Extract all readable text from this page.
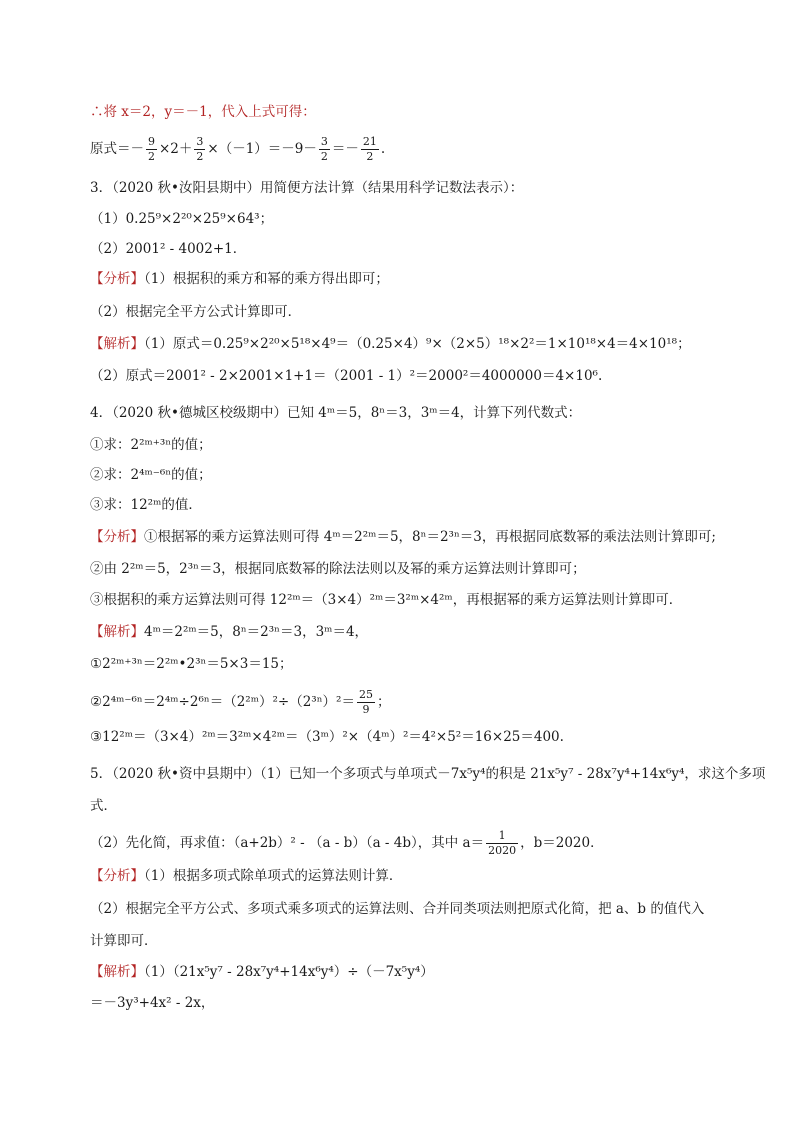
∴将 x＝2，y＝－1，代入上式可得：
原式＝－ $\frac{9}{2} \times 2+ \frac{3}{2} \times(-1)=-9- \frac{3}{2} =- \frac{21}{2}$ .
3．（2020 秋•汝阳县期中）用简便方法计算（结果用科学记数法表示）：
（1）0.25⁹×2²⁰×25⁹×64³；
（2）2001² - 4002+1．
【分析】（1）根据积的乘方和幂的乘方得出即可；
（2）根据完全平方公式计算即可．
【解析】（1）原式＝0.25⁹×2²⁰×5¹⁸×4⁹＝（0.25×4）⁹×（2×5）¹⁸×2²＝1×10¹⁸×4＝4×10¹⁸；
（2）原式＝2001² - 2×2001×1+1＝（2001 - 1）²＝2000²＝4000000＝4×10⁶.
4．（2020 秋•德城区校级期中）已知 4ᵐ＝5，8ⁿ＝3，3ᵐ＝4，计算下列代数式：
①求：2²ᵐ⁺³ⁿ的值；
②求：2⁴ᵐ⁻⁶ⁿ的值；
③求：12²ᵐ的值．
【分析】①根据幂的乘方运算法则可得 4ᵐ＝2²ᵐ＝5，8ⁿ＝2³ⁿ＝3，再根据同底数幂的乘法法则计算即可;
②由 2²ᵐ＝5，2³ⁿ＝3，根据同底数幂的除法法则以及幂的乘方运算法则计算即可；
③根据积的乘方运算法则可得 12²ᵐ＝（3×4）²ᵐ＝3²ᵐ×4²ᵐ，再根据幂的乘方运算法则计算即可．
【解析】4ᵐ＝2²ᵐ＝5，8ⁿ＝2³ⁿ＝3，3ᵐ＝4，
①2²ᵐ⁺³ⁿ＝2²ᵐ•2³ⁿ＝5×3＝15；
②2⁴ᵐ⁻⁶ⁿ＝2⁴ᵐ÷2⁶ⁿ＝（2²ᵐ）²÷（2³ⁿ）²＝ $\frac{25}{9}$ ；
③12²ᵐ＝（3×4）²ᵐ＝3²ᵐ×4²ᵐ＝（3ᵐ）²×（4ᵐ）²＝4²×5²＝16×25＝400.
5．（2020 秋•资中县期中）（1）已知一个多项式与单项式－7x⁵y⁴的积是 21x⁵y⁷ - 28x⁷y⁴+14x⁶y⁴，求这个多项
式．
（2）先化简，再求值：（a+2b）² - （a - b）（a - 4b），其中 $a= \frac{1}{2020}$ ，b＝2020．
【分析】（1）根据多项式除单项式的运算法则计算．
（2）根据完全平方公式、多项式乘多项式的运算法则、合并同类项法则把原式化简，把 a、b 的值代入
计算即可．
【解析】（1）（21x⁵y⁷ - 28x⁷y⁴+14x⁶y⁴）÷（－7x⁵y⁴）
＝－3y³+4x² - 2x，
